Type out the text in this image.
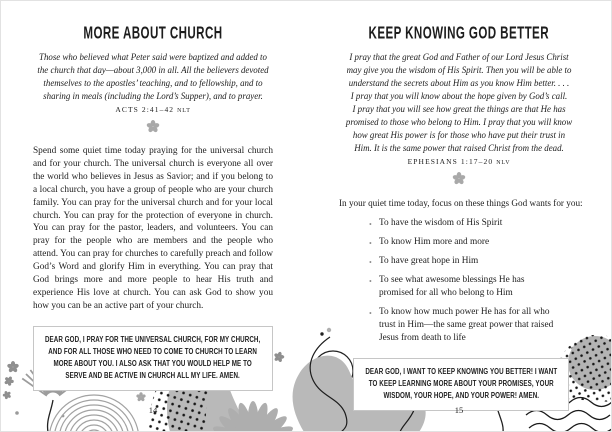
MORE ABOUT CHURCH
Those who believed what Peter said were baptized and added to
the church that day—about 3,000 in all. All the believers devoted
themselves to the apostles’ teaching, and to fellowship, and to
sharing in meals (including the Lord’s Supper), and to prayer.
ACTS 2:41–42 NLT
Spend some quiet time today praying for the universal church and for your church. The universal church is everyone all over the world who believes in Jesus as Savior; and if you belong to a local church, you have a group of people who are your church family. You can pray for the universal church and for your local church. You can pray for the protection of everyone in church. You can pray for the pastor, leaders, and volunteers. You can pray for the people who are members and the people who attend. You can pray for churches to carefully preach and follow God’s Word and glorify Him in everything. You can pray that God brings more and more people to hear His truth and experience His love at church. You can ask God to show you how you can be an active part of your church.
DEAR GOD, I PRAY FOR THE UNIVERSAL CHURCH, FOR MY CHURCH,
AND FOR ALL THOSE WHO NEED TO COME TO CHURCH TO LEARN
MORE ABOUT YOU. I ALSO ASK THAT YOU WOULD HELP ME TO
SERVE AND BE ACTIVE IN CHURCH ALL MY LIFE. AMEN.
14
KEEP KNOWING GOD BETTER
I pray that the great God and Father of our Lord Jesus Christ
may give you the wisdom of His Spirit. Then you will be able to
understand the secrets about Him as you know Him better. . . .
I pray that you will know about the hope given by God’s call.
I pray that you will see how great the things are that He has
promised to those who belong to Him. I pray that you will know
how great His power is for those who have put their trust in
Him. It is the same power that raised Christ from the dead.
EPHESIANS 1:17–20 NLV
In your quiet time today, focus on these things God wants for you:
• To have the wisdom of His Spirit
• To know Him more and more
• To have great hope in Him
• To see what awesome blessings He has promised for all who belong to Him
• To know how much power He has for all who trust in Him—the same great power that raised Jesus from death to life
DEAR GOD, I WANT TO KEEP KNOWING YOU BETTER! I WANT
TO KEEP LEARNING MORE ABOUT YOUR PROMISES, YOUR
WISDOM, YOUR HOPE, AND YOUR POWER! AMEN.
15
